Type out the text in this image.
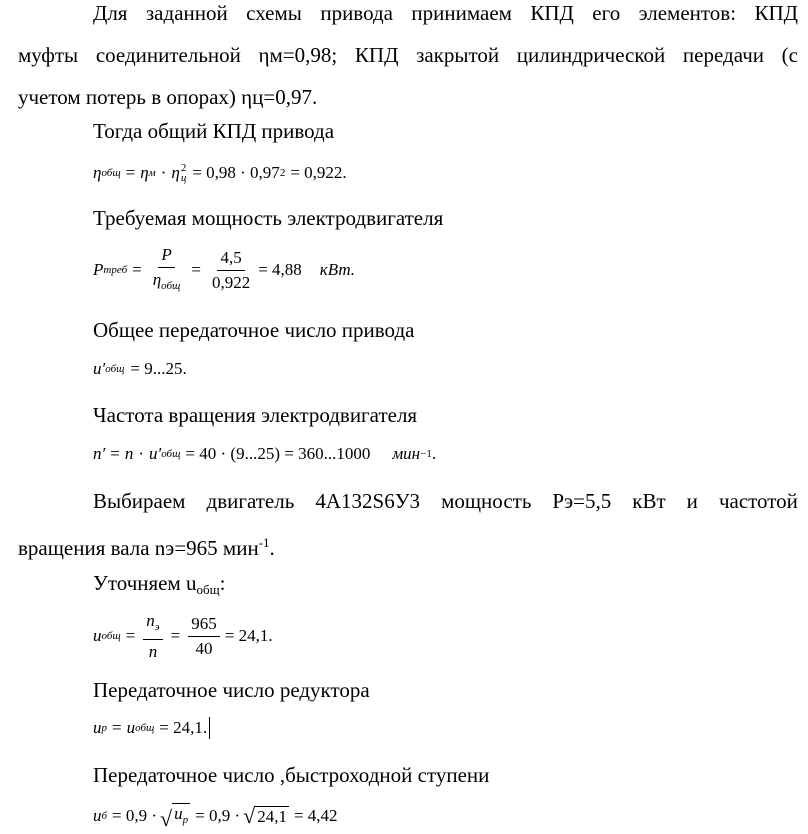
Для заданной схемы привода принимаем КПД его элементов: КПД
муфты соединительной ηм=0,98; КПД закрытой цилиндрической передачи (с
учетом потерь в опорах) ηц=0,97.
Тогда общий КПД привода
η общ = η м · η 2
ц = 0,98 · 0,97 2 = 0,922.
Требуемая мощность электродвигателя
P треб = $\frac{P}{\eta_{общ}} = \frac{4,5}{0,922} = 4,88$ кВт.
Общее передаточное число привода
u′ общ = 9...25.
Частота вращения электродвигателя
n′ = n · u′ общ = 40 · (9...25) = 360...1000 мин −1 .
Выбираем двигатель 4А132S6У3 мощность Pэ=5,5 кВт и частотой
вращения вала nэ=965 мин$^{-1}$.
Уточняем uобщ:
u общ = $\frac{n_э}{n} = \frac{965}{40} = 24,1$.
Передаточное число редуктора
u р = u общ = 24,1.
Передаточное число ,быстроходной ступени
u б = 0,9 · √ $u_р = 0,9$ · √ 24,1 = 4,42
